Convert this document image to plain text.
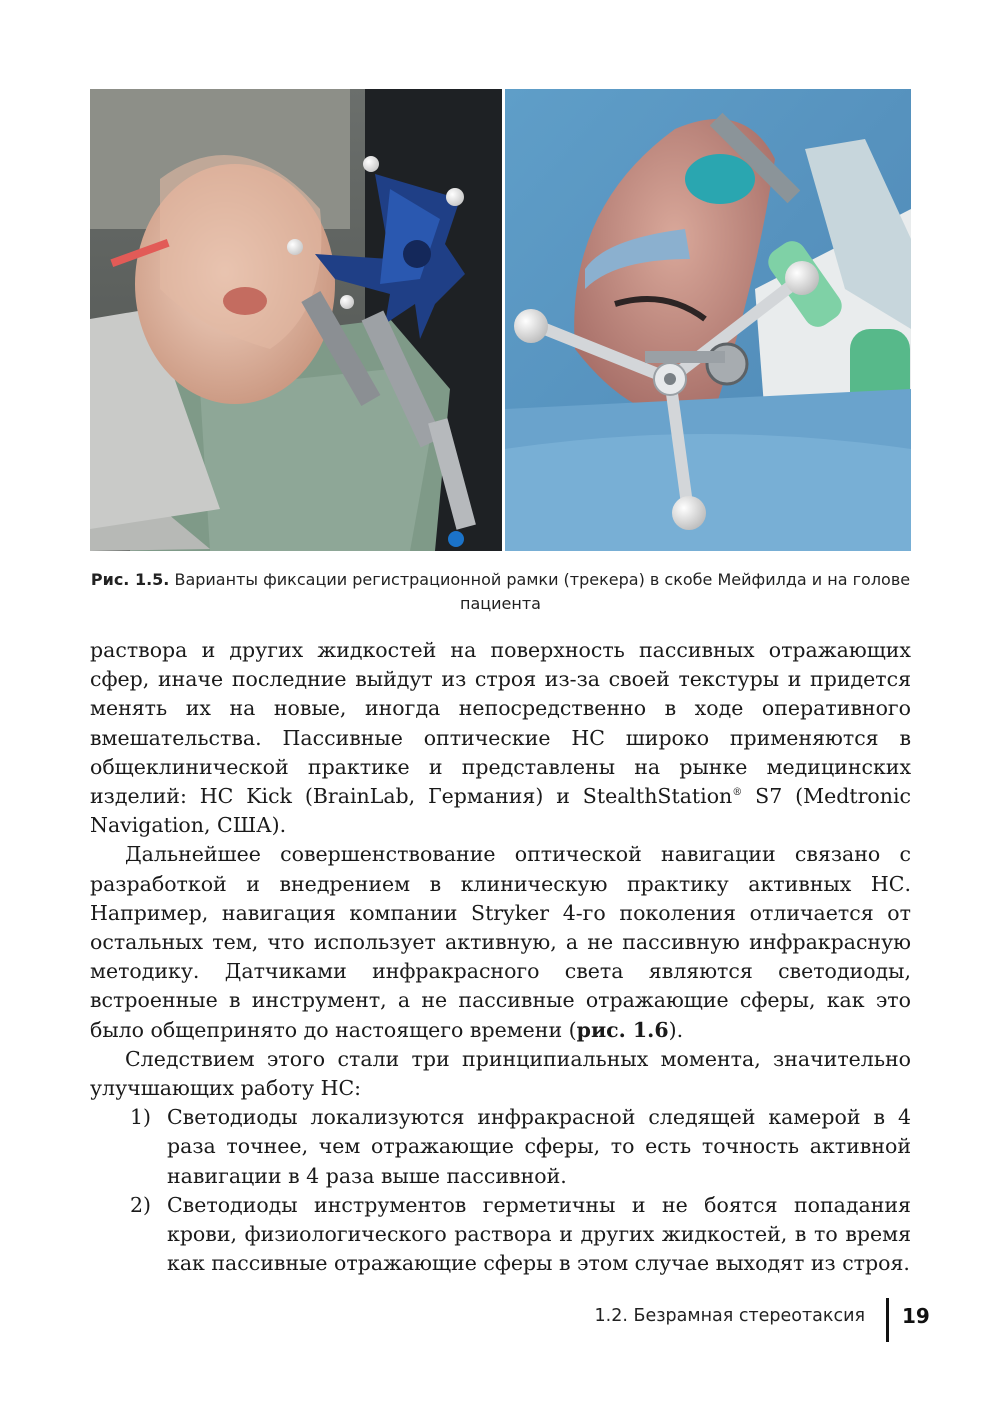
Рис. 1.5. Варианты фиксации регистрационной рамки (трекера) в скобе Мейфилда и на голове пациента

раствора и других жидкостей на поверхность пассивных отражающих сфер, иначе последние выйдут из строя из-за своей текстуры и придется менять их на новые, иногда непосредственно в ходе оперативного вмешательства. Пассивные оптические НС широко применяются в общеклинической практике и представлены на рынке медицинских изделий: НС Kick (BrainLab, Германия) и StealthStation® S7 (Medtronic Navigation, США).

Дальнейшее совершенствование оптической навигации связано с разработкой и внедрением в клиническую практику активных НС. Например, навигация компании Stryker 4-го поколения отличается от остальных тем, что использует активную, а не пассивную инфракрасную методику. Датчиками инфракрасного света являются светодиоды, встроенные в инструмент, а не пассивные отражающие сферы, как это было общепринято до настоящего времени (рис. 1.6).

Следствием этого стали три принципиальных момента, значительно улучшающих работу НС:

1) Светодиоды локализуются инфракрасной следящей камерой в 4 раза точнее, чем отражающие сферы, то есть точность активной навигации в 4 раза выше пассивной.
2) Светодиоды инструментов герметичны и не боятся попадания крови, физиологического раствора и других жидкостей, в то время как пассивные отражающие сферы в этом случае выходят из строя.
1.2. Безрамная стереотаксия 19
